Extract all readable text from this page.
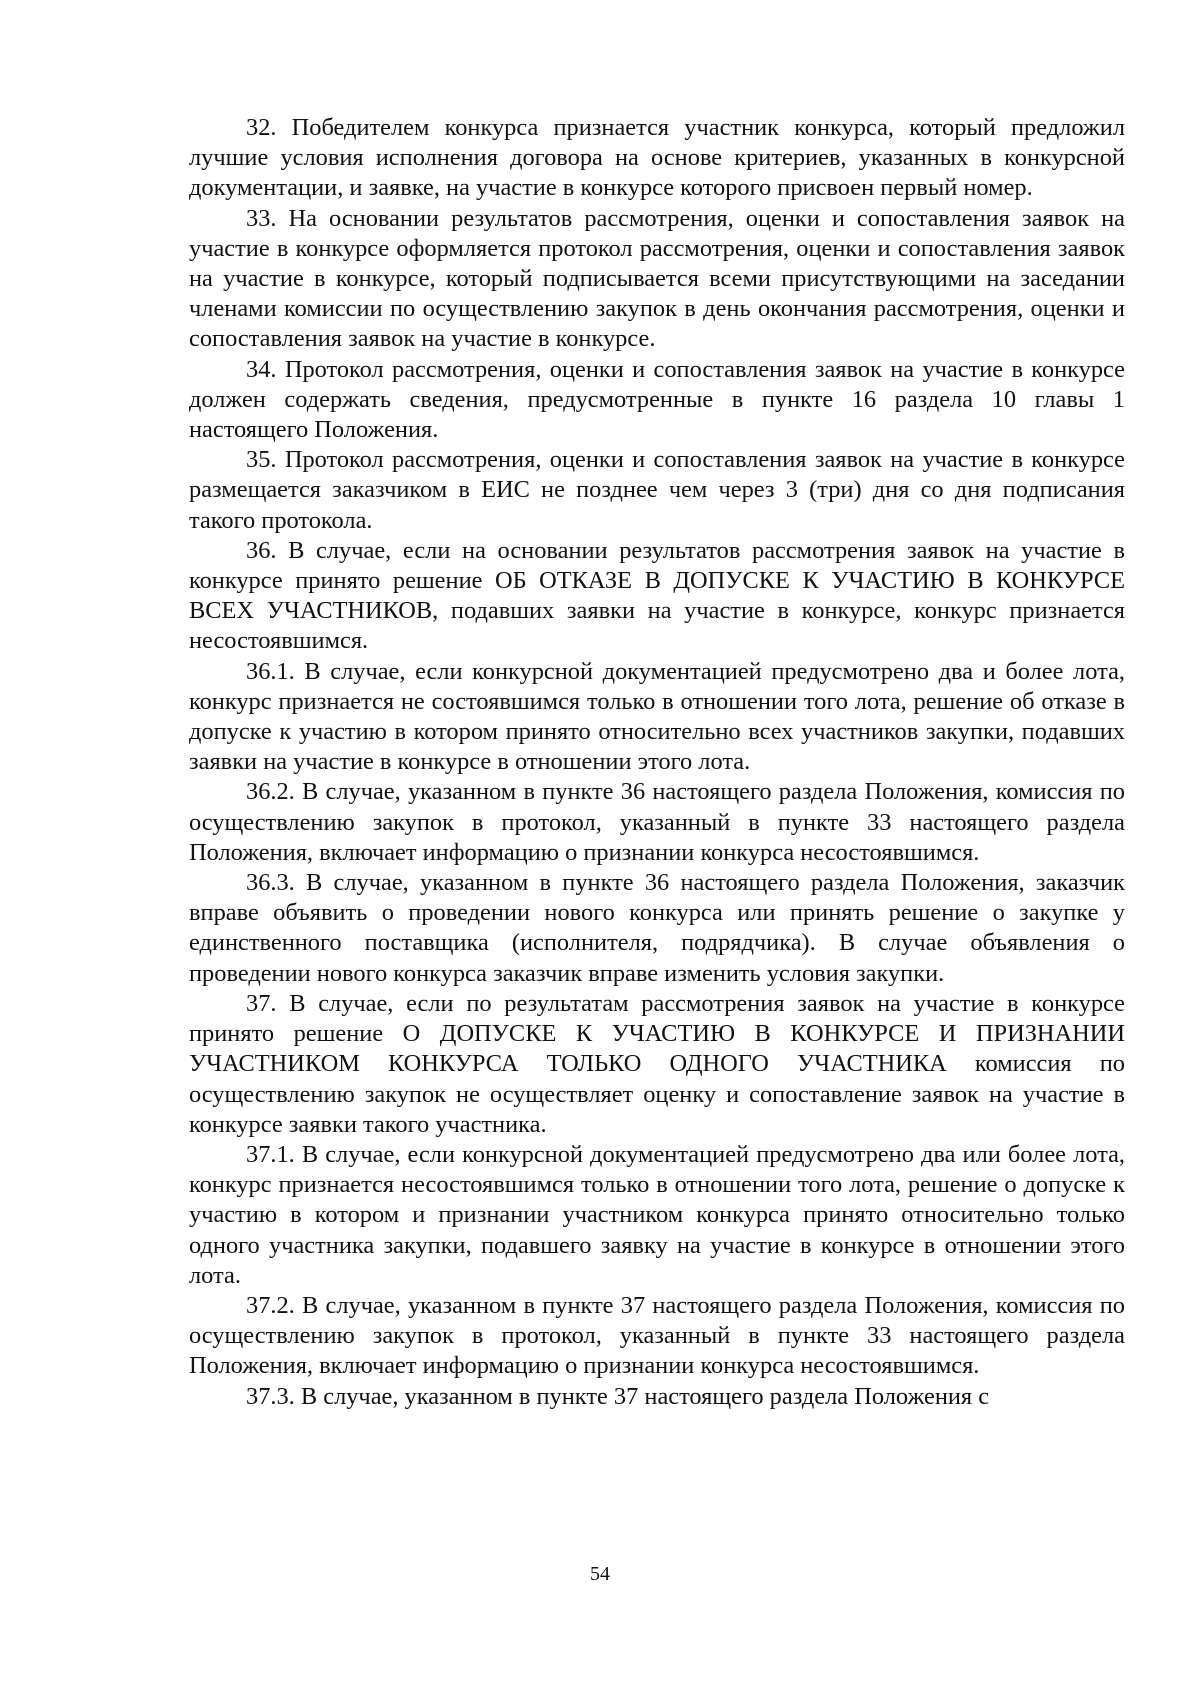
32. Победителем конкурса признается участник конкурса, который предложил лучшие условия исполнения договора на основе критериев, указанных в конкурсной документации, и заявке, на участие в конкурсе которого присвоен первый номер.

33. На основании результатов рассмотрения, оценки и сопоставления заявок на участие в конкурсе оформляется протокол рассмотрения, оценки и сопоставления заявок на участие в конкурсе, который подписывается всеми присутствующими на заседании членами комиссии по осуществлению закупок в день окончания рассмотрения, оценки и сопоставления заявок на участие в конкурсе.

34. Протокол рассмотрения, оценки и сопоставления заявок на участие в конкурсе должен содержать сведения, предусмотренные в пункте 16 раздела 10 главы 1 настоящего Положения.

35. Протокол рассмотрения, оценки и сопоставления заявок на участие в конкурсе размещается заказчиком в ЕИС не позднее чем через 3 (три) дня со дня подписания такого протокола.

36. В случае, если на основании результатов рассмотрения заявок на участие в конкурсе принято решение ОБ ОТКАЗЕ В ДОПУСКЕ К УЧАСТИЮ В КОНКУРСЕ ВСЕХ УЧАСТНИКОВ, подавших заявки на участие в конкурсе, конкурс признается несостоявшимся.

36.1. В случае, если конкурсной документацией предусмотрено два и более лота, конкурс признается не состоявшимся только в отношении того лота, решение об отказе в допуске к участию в котором принято относительно всех участников закупки, подавших заявки на участие в конкурсе в отношении этого лота.

36.2. В случае, указанном в пункте 36 настоящего раздела Положения, комиссия по осуществлению закупок в протокол, указанный в пункте 33 настоящего раздела Положения, включает информацию о признании конкурса несостоявшимся.

36.3. В случае, указанном в пункте 36 настоящего раздела Положения, заказчик вправе объявить о проведении нового конкурса или принять решение о закупке у единственного поставщика (исполнителя, подрядчика). В случае объявления о проведении нового конкурса заказчик вправе изменить условия закупки.

37. В случае, если по результатам рассмотрения заявок на участие в конкурсе принято решение О ДОПУСКЕ К УЧАСТИЮ В КОНКУРСЕ И ПРИЗНАНИИ УЧАСТНИКОМ КОНКУРСА ТОЛЬКО ОДНОГО УЧАСТНИКА комиссия по осуществлению закупок не осуществляет оценку и сопоставление заявок на участие в конкурсе заявки такого участника.

37.1. В случае, если конкурсной документацией предусмотрено два или более лота, конкурс признается несостоявшимся только в отношении того лота, решение о допуске к участию в котором и признании участником конкурса принято относительно только одного участника закупки, подавшего заявку на участие в конкурсе в отношении этого лота.

37.2. В случае, указанном в пункте 37 настоящего раздела Положения, комиссия по осуществлению закупок в протокол, указанный в пункте 33 настоящего раздела Положения, включает информацию о признании конкурса несостоявшимся.

37.3. В случае, указанном в пункте 37 настоящего раздела Положения с

54
